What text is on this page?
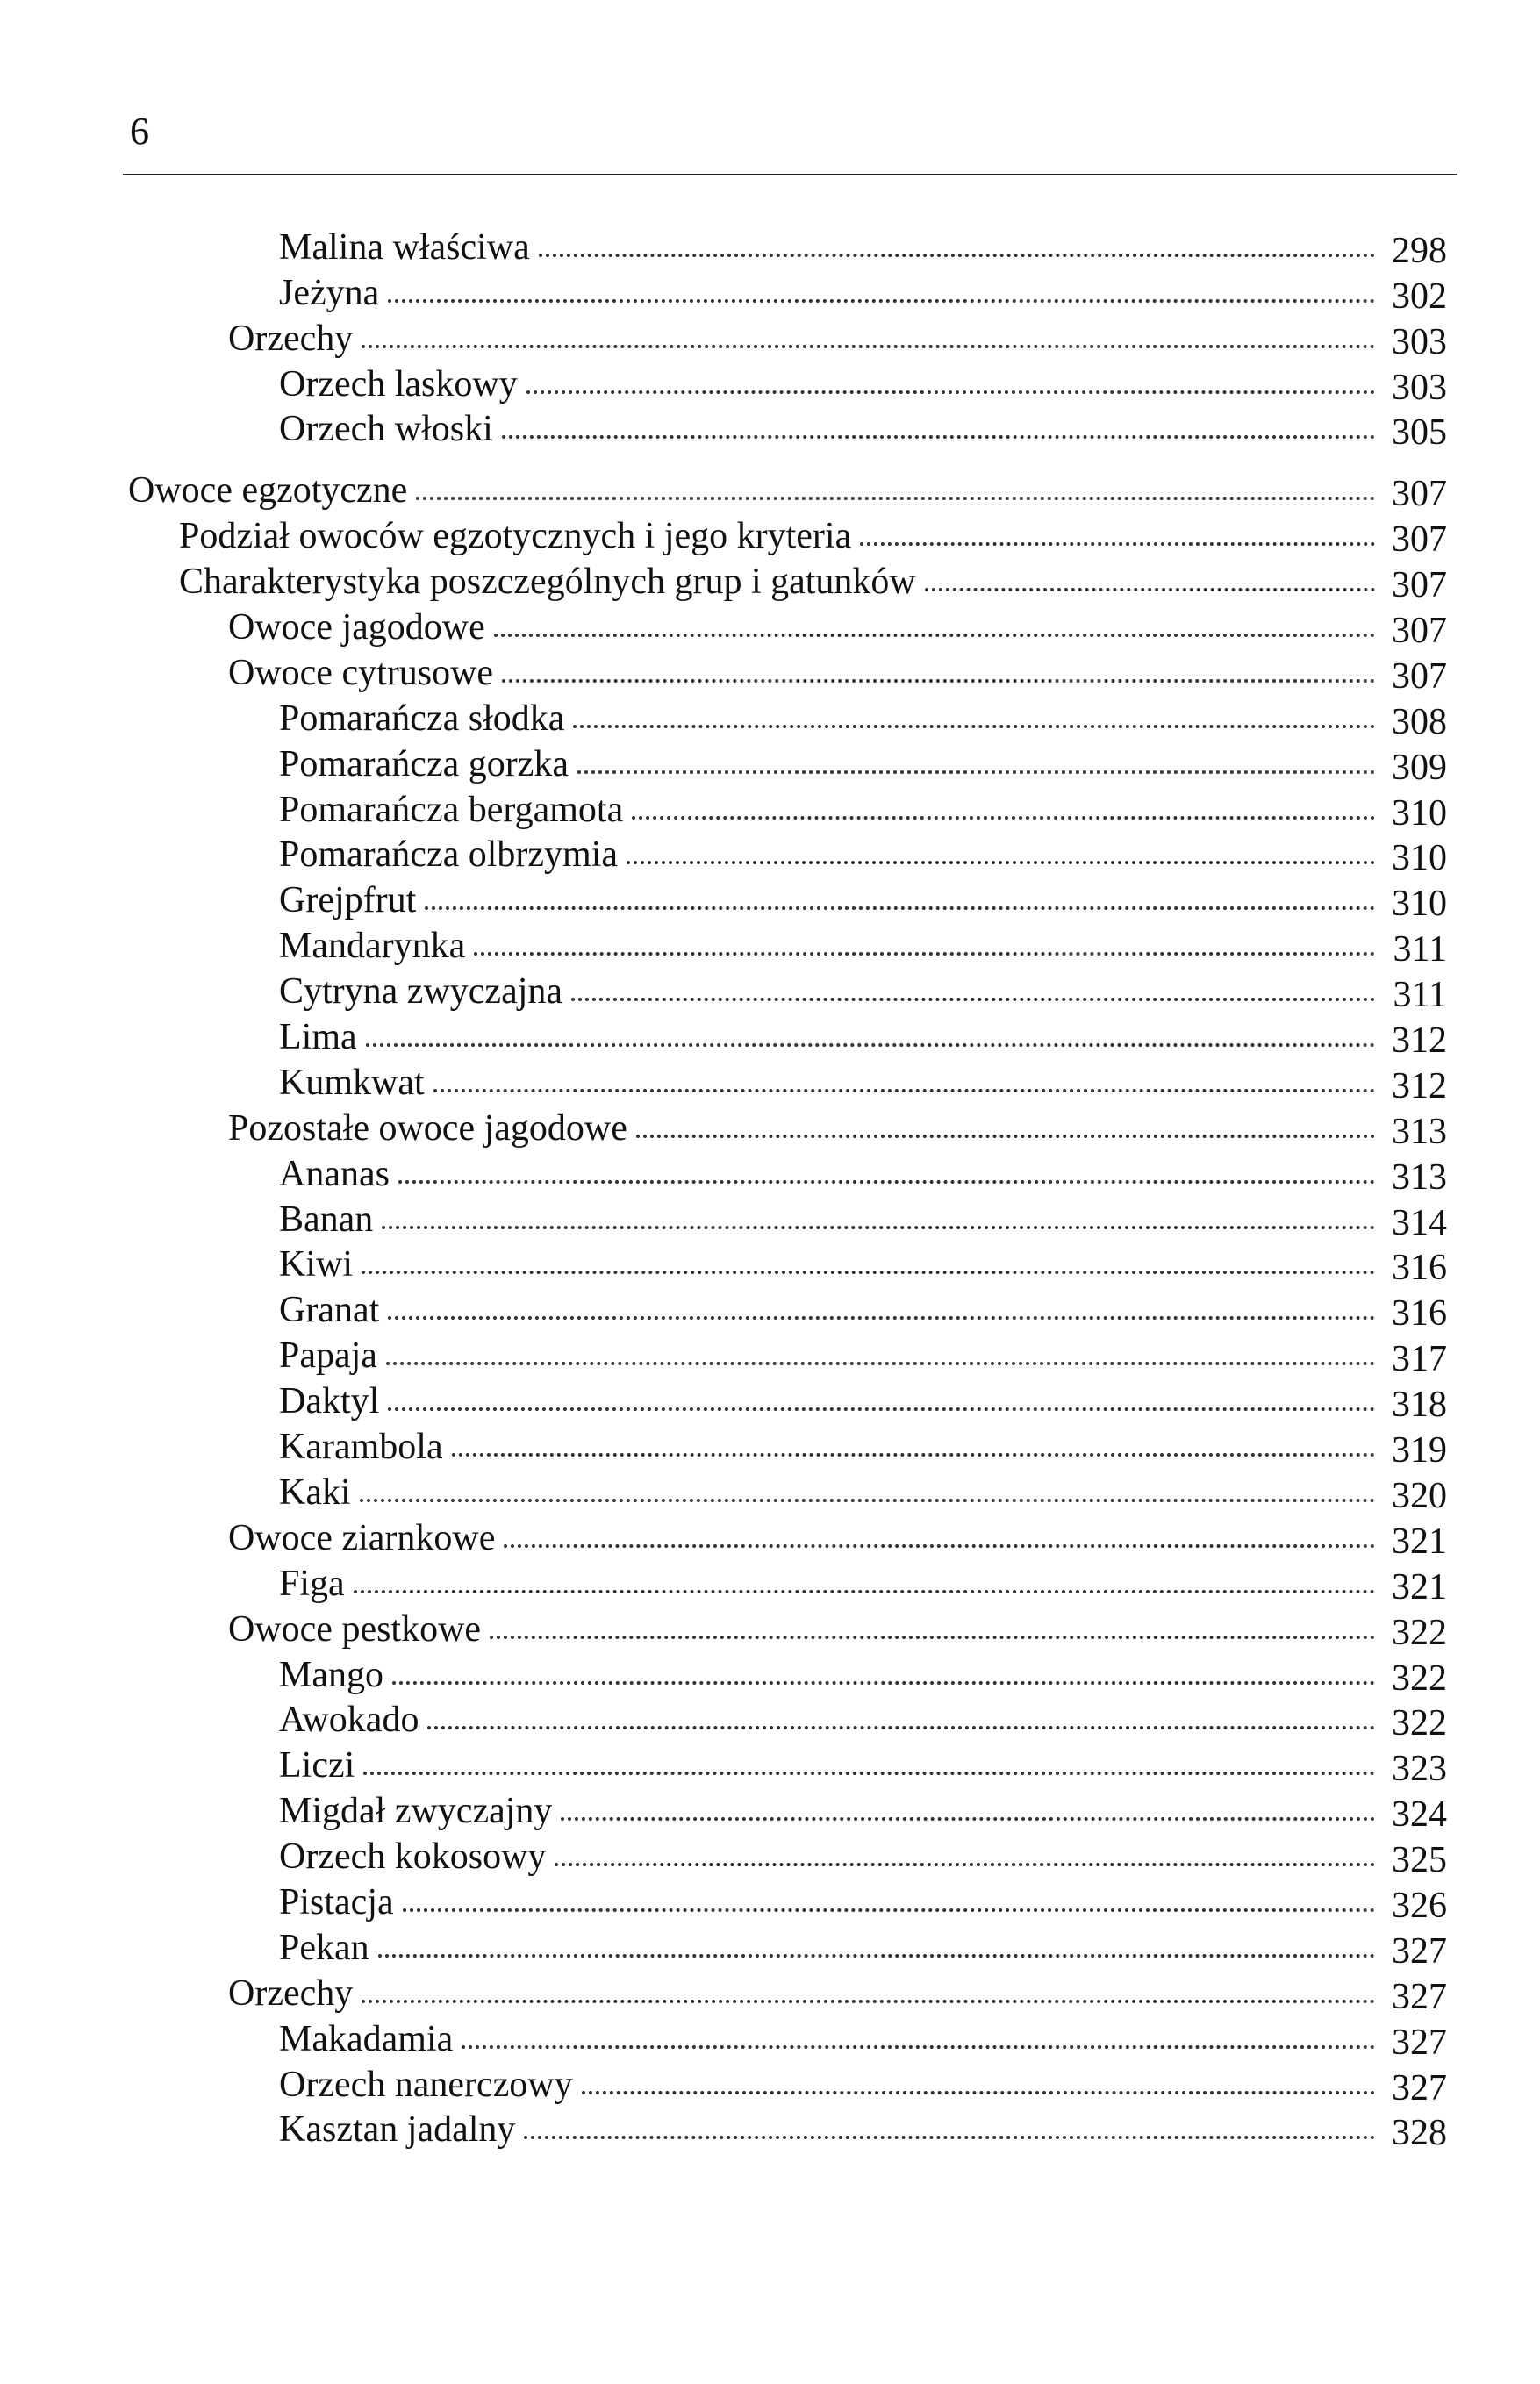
6
Malina właściwa	298
Jeżyna	302
Orzechy	303
Orzech laskowy	303
Orzech włoski	305
Owoce egzotyczne	307
Podział owoców egzotycznych i jego kryteria	307
Charakterystyka poszczególnych grup i gatunków	307
Owoce jagodowe	307
Owoce cytrusowe	307
Pomarańcza słodka	308
Pomarańcza gorzka	309
Pomarańcza bergamota	310
Pomarańcza olbrzymia	310
Grejpfrut	310
Mandarynka	311
Cytryna zwyczajna	311
Lima	312
Kumkwat	312
Pozostałe owoce jagodowe	313
Ananas	313
Banan	314
Kiwi	316
Granat	316
Papaja	317
Daktyl	318
Karambola	319
Kaki	320
Owoce ziarnkowe	321
Figa	321
Owoce pestkowe	322
Mango	322
Awokado	322
Liczi	323
Migdał zwyczajny	324
Orzech kokosowy	325
Pistacja	326
Pekan	327
Orzechy	327
Makadamia	327
Orzech nanerczowy	327
Kasztan jadalny	328
